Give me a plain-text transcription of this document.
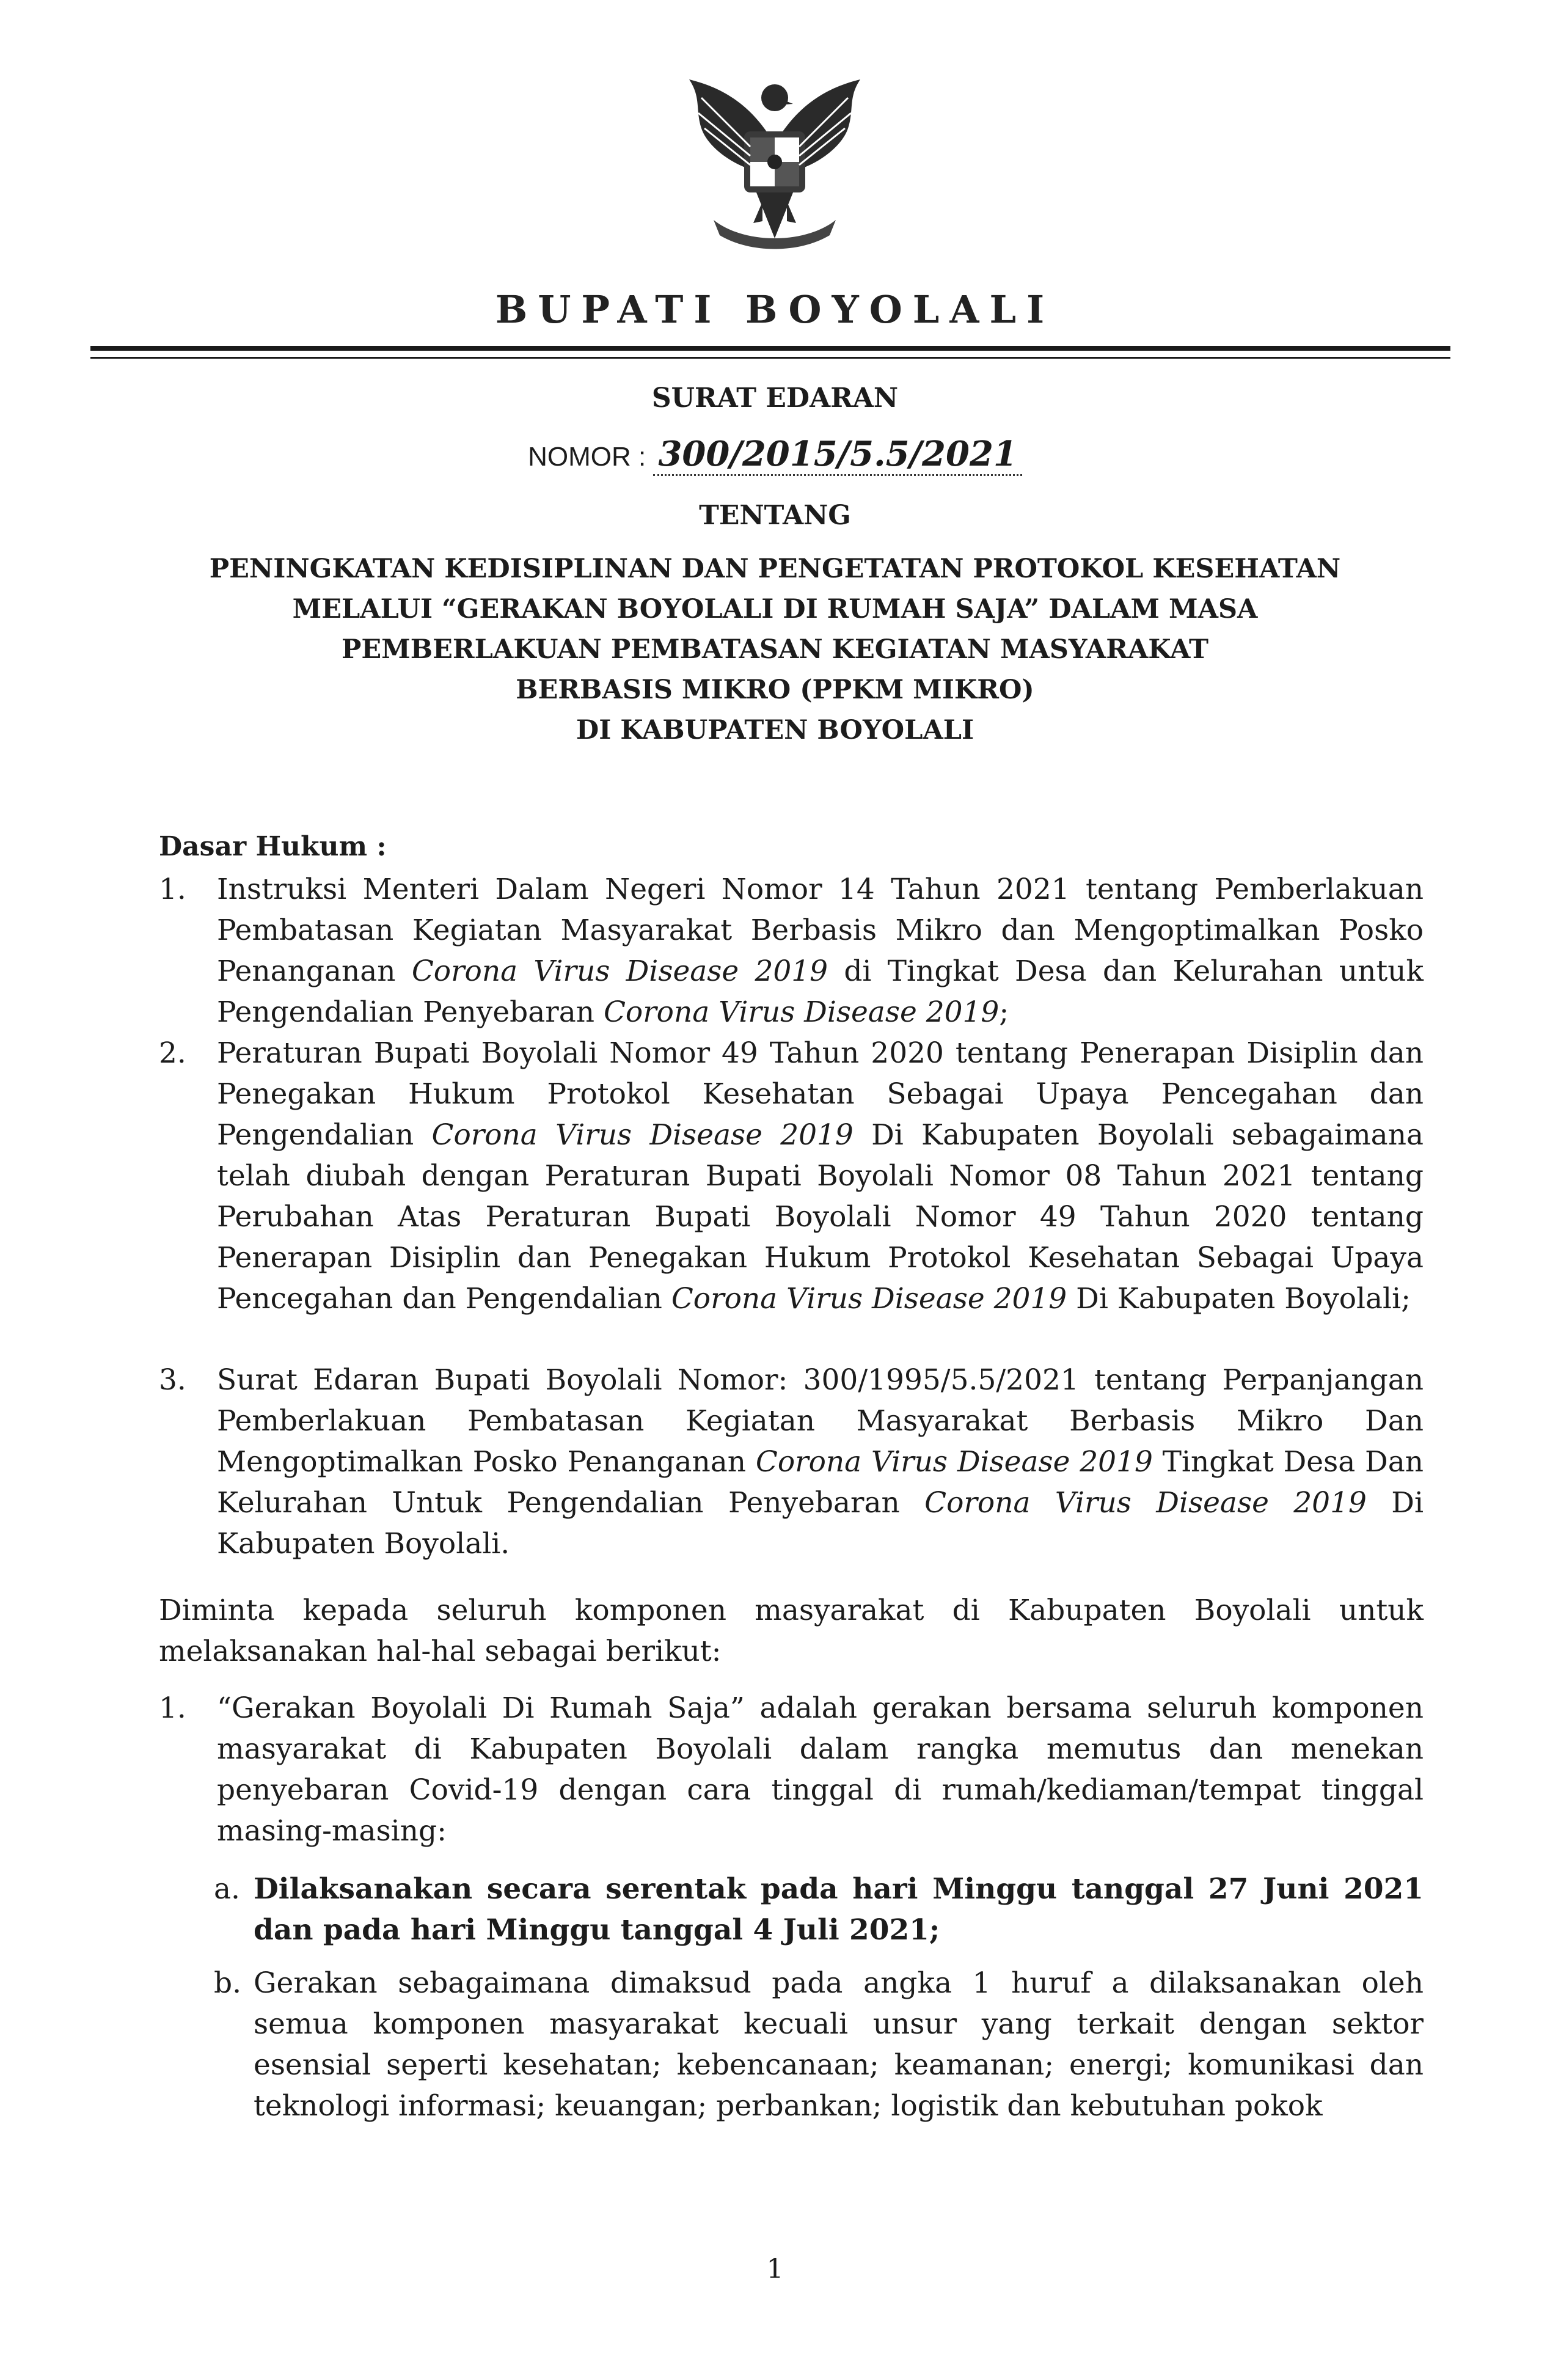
BUPATI BOYOLALI
SURAT EDARAN
NOMOR : 300/2015/5.5/2021
TENTANG
PENINGKATAN KEDISIPLINAN DAN PENGETATAN PROTOKOL KESEHATAN
MELALUI “GERAKAN BOYOLALI DI RUMAH SAJA” DALAM MASA
PEMBERLAKUAN PEMBATASAN KEGIATAN MASYARAKAT
BERBASIS MIKRO (PPKM MIKRO)
DI KABUPATEN BOYOLALI
Dasar Hukum :
1. Instruksi Menteri Dalam Negeri Nomor 14 Tahun 2021 tentang Pemberlakuan Pembatasan Kegiatan Masyarakat Berbasis Mikro dan Mengoptimalkan Posko Penanganan Corona Virus Disease 2019 di Tingkat Desa dan Kelurahan untuk Pengendalian Penyebaran Corona Virus Disease 2019;
2. Peraturan Bupati Boyolali Nomor 49 Tahun 2020 tentang Penerapan Disiplin dan Penegakan Hukum Protokol Kesehatan Sebagai Upaya Pencegahan dan Pengendalian Corona Virus Disease 2019 Di Kabupaten Boyolali sebagaimana telah diubah dengan Peraturan Bupati Boyolali Nomor 08 Tahun 2021 tentang Perubahan Atas Peraturan Bupati Boyolali Nomor 49 Tahun 2020 tentang Penerapan Disiplin dan Penegakan Hukum Protokol Kesehatan Sebagai Upaya Pencegahan dan Pengendalian Corona Virus Disease 2019 Di Kabupaten Boyolali;
3. Surat Edaran Bupati Boyolali Nomor: 300/1995/5.5/2021 tentang Perpanjangan Pemberlakuan Pembatasan Kegiatan Masyarakat Berbasis Mikro Dan Mengoptimalkan Posko Penanganan Corona Virus Disease 2019 Tingkat Desa Dan Kelurahan Untuk Pengendalian Penyebaran Corona Virus Disease 2019 Di Kabupaten Boyolali.
Diminta kepada seluruh komponen masyarakat di Kabupaten Boyolali untuk melaksanakan hal-hal sebagai berikut:
1. “Gerakan Boyolali Di Rumah Saja” adalah gerakan bersama seluruh komponen masyarakat di Kabupaten Boyolali dalam rangka memutus dan menekan penyebaran Covid-19 dengan cara tinggal di rumah/kediaman/tempat tinggal masing-masing:
a. Dilaksanakan secara serentak pada hari Minggu tanggal 27 Juni 2021 dan pada hari Minggu tanggal 4 Juli 2021;
b. Gerakan sebagaimana dimaksud pada angka 1 huruf a dilaksanakan oleh semua komponen masyarakat kecuali unsur yang terkait dengan sektor esensial seperti kesehatan; kebencanaan; keamanan; energi; komunikasi dan teknologi informasi; keuangan; perbankan; logistik dan kebutuhan pokok
1
